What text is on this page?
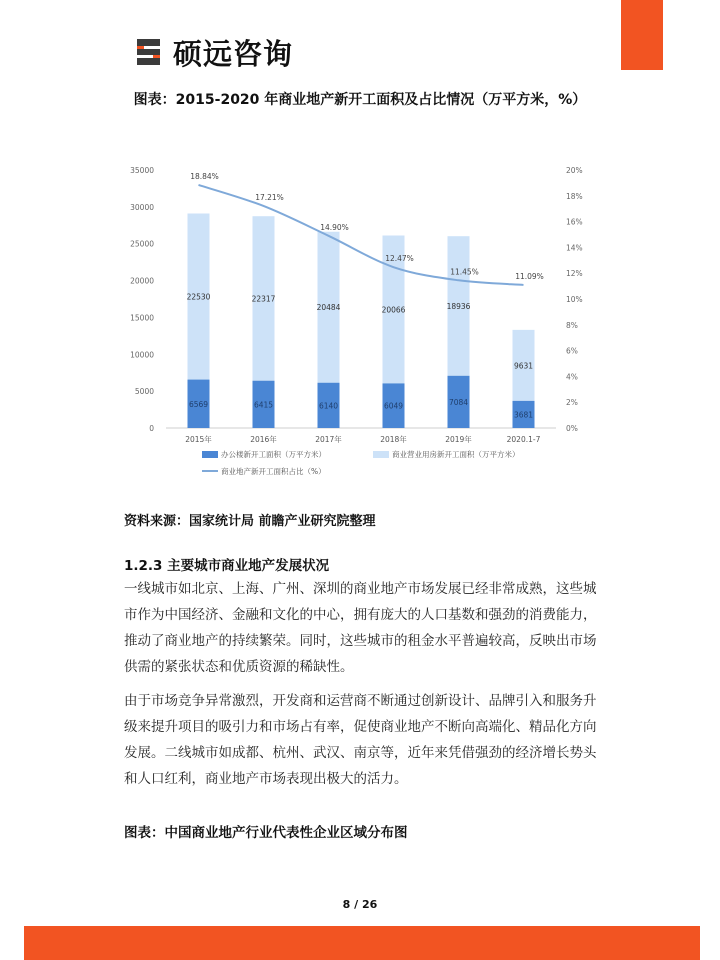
硕远咨询
图表：2015-2020 年商业地产新开工面积及占比情况（万平方米，%）
0
5000
10000
15000
20000
25000
30000
35000
0%
2%
4%
6%
8%
10%
12%
14%
16%
18%
20%
6569
22530
2015年
6415
22317
2016年
6140
20484
2017年
6049
20066
2018年
7084
18936
2019年
3681
9631
2020.1-7
18.84%
17.21%
14.90%
12.47%
11.45%
11.09%
办公楼新开工面积（万平方米）	商业营业用房新开工面积（万平方米）
商业地产新开工面积占比（%）
资料来源：国家统计局 前瞻产业研究院整理
1.2.3 主要城市商业地产发展状况

一线城市如北京、上海、广州、深圳的商业地产市场发展已经非常成熟，这些城市作为中国经济、金融和文化的中心，拥有庞大的人口基数和强劲的消费能力，推动了商业地产的持续繁荣。同时，这些城市的租金水平普遍较高，反映出市场供需的紧张状态和优质资源的稀缺性。

由于市场竞争异常激烈，开发商和运营商不断通过创新设计、品牌引入和服务升级来提升项目的吸引力和市场占有率，促使商业地产不断向高端化、精品化方向发展。二线城市如成都、杭州、武汉、南京等，近年来凭借强劲的经济增长势头和人口红利，商业地产市场表现出极大的活力。

图表：中国商业地产行业代表性企业区域分布图
8 / 26
